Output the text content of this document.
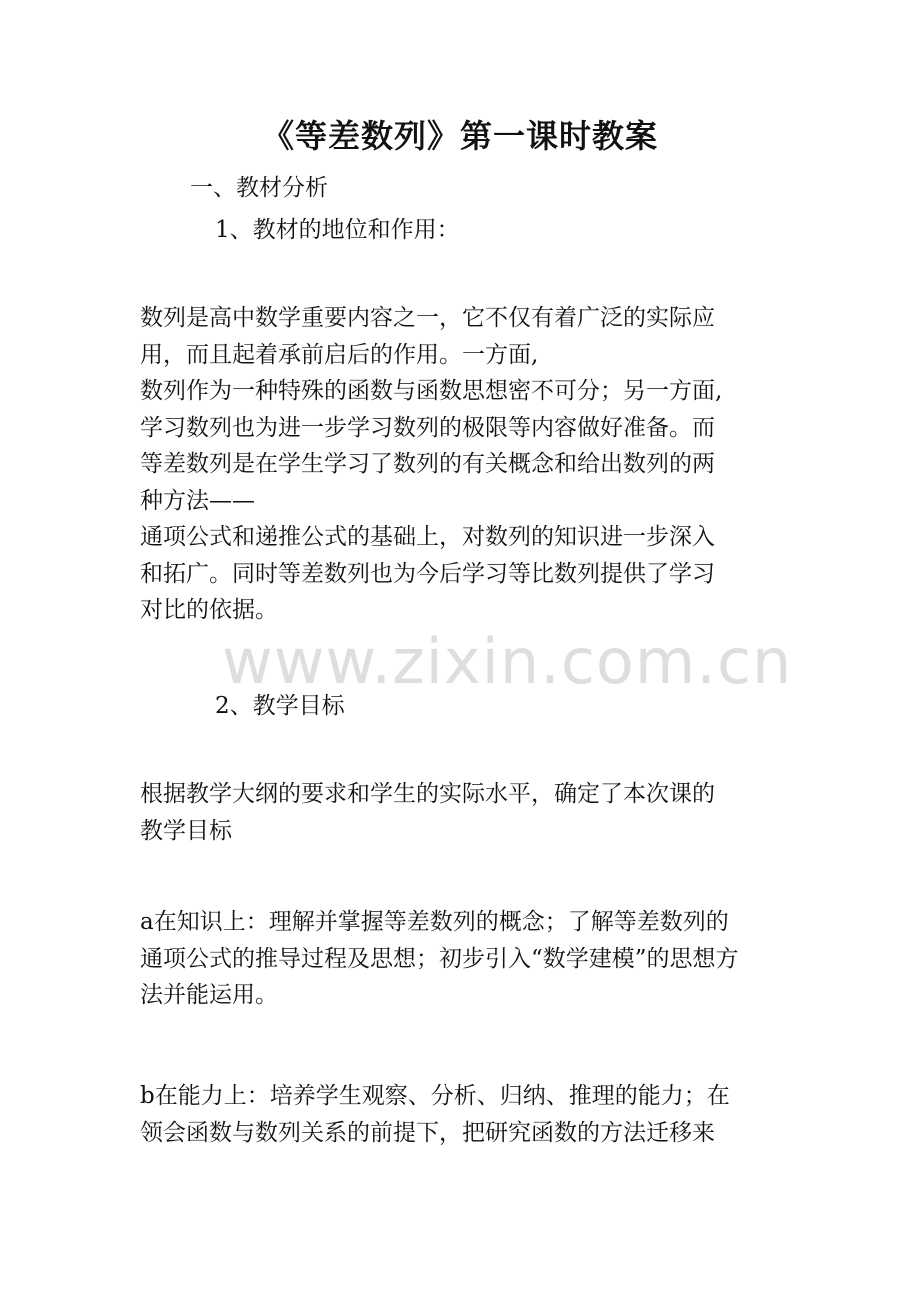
《等差数列》第一课时教案

一、教材分析

1、教材的地位和作用：

数列是高中数学重要内容之一，它不仅有着广泛的实际应
用，而且起着承前启后的作用。一方面,
数列作为一种特殊的函数与函数思想密不可分；另一方面,
学习数列也为进一步学习数列的极限等内容做好准备。而
等差数列是在学生学习了数列的有关概念和给出数列的两
种方法——
通项公式和递推公式的基础上，对数列的知识进一步深入
和拓广。同时等差数列也为今后学习等比数列提供了学习
对比的依据。

2、教学目标

根据教学大纲的要求和学生的实际水平，确定了本次课的
教学目标
a在知识上：理解并掌握等差数列的概念；了解等差数列的
通项公式的推导过程及思想；初步引入“数学建模”的思想方
法并能运用。
b在能力上：培养学生观察、分析、归纳、推理的能力；在
领会函数与数列关系的前提下，把研究函数的方法迁移来
www.zixin.com.cn
